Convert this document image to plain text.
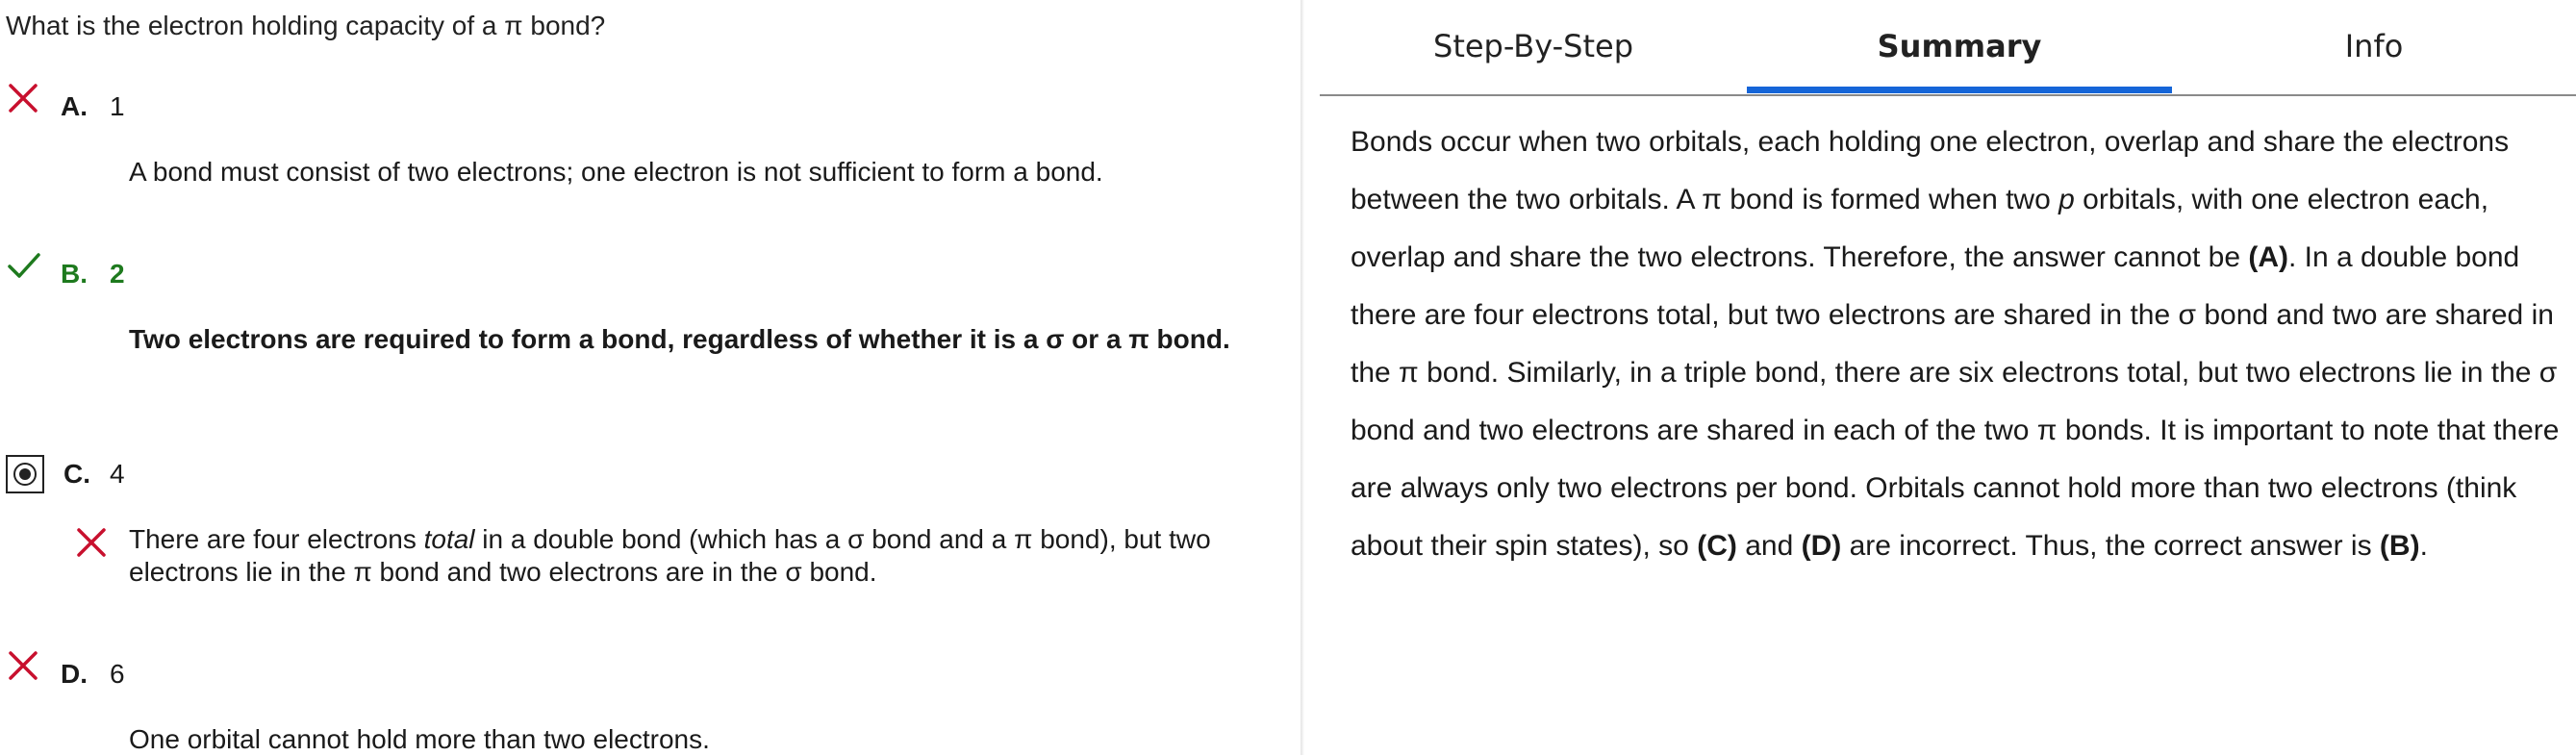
What is the electron holding capacity of a π bond?
A. 1
A bond must consist of two electrons; one electron is not sufficient to form a bond.
B. 2
Two electrons are required to form a bond, regardless of whether it is a σ or a π bond.
C. 4
There are four electrons total in a double bond (which has a σ bond and a π bond), but two electrons lie in the π bond and two electrons are in the σ bond.
D. 6
One orbital cannot hold more than two electrons.
Step-By-Step	Summary	Info
Bonds occur when two orbitals, each holding one electron, overlap and share the electrons between the two orbitals. A π bond is formed when two p orbitals, with one electron each, overlap and share the two electrons. Therefore, the answer cannot be (A). In a double bond there are four electrons total, but two electrons are shared in the σ bond and two are shared in the π bond. Similarly, in a triple bond, there are six electrons total, but two electrons lie in the σ bond and two electrons are shared in each of the two π bonds. It is important to note that there are always only two electrons per bond. Orbitals cannot hold more than two electrons (think about their spin states), so (C) and (D) are incorrect. Thus, the correct answer is (B).
